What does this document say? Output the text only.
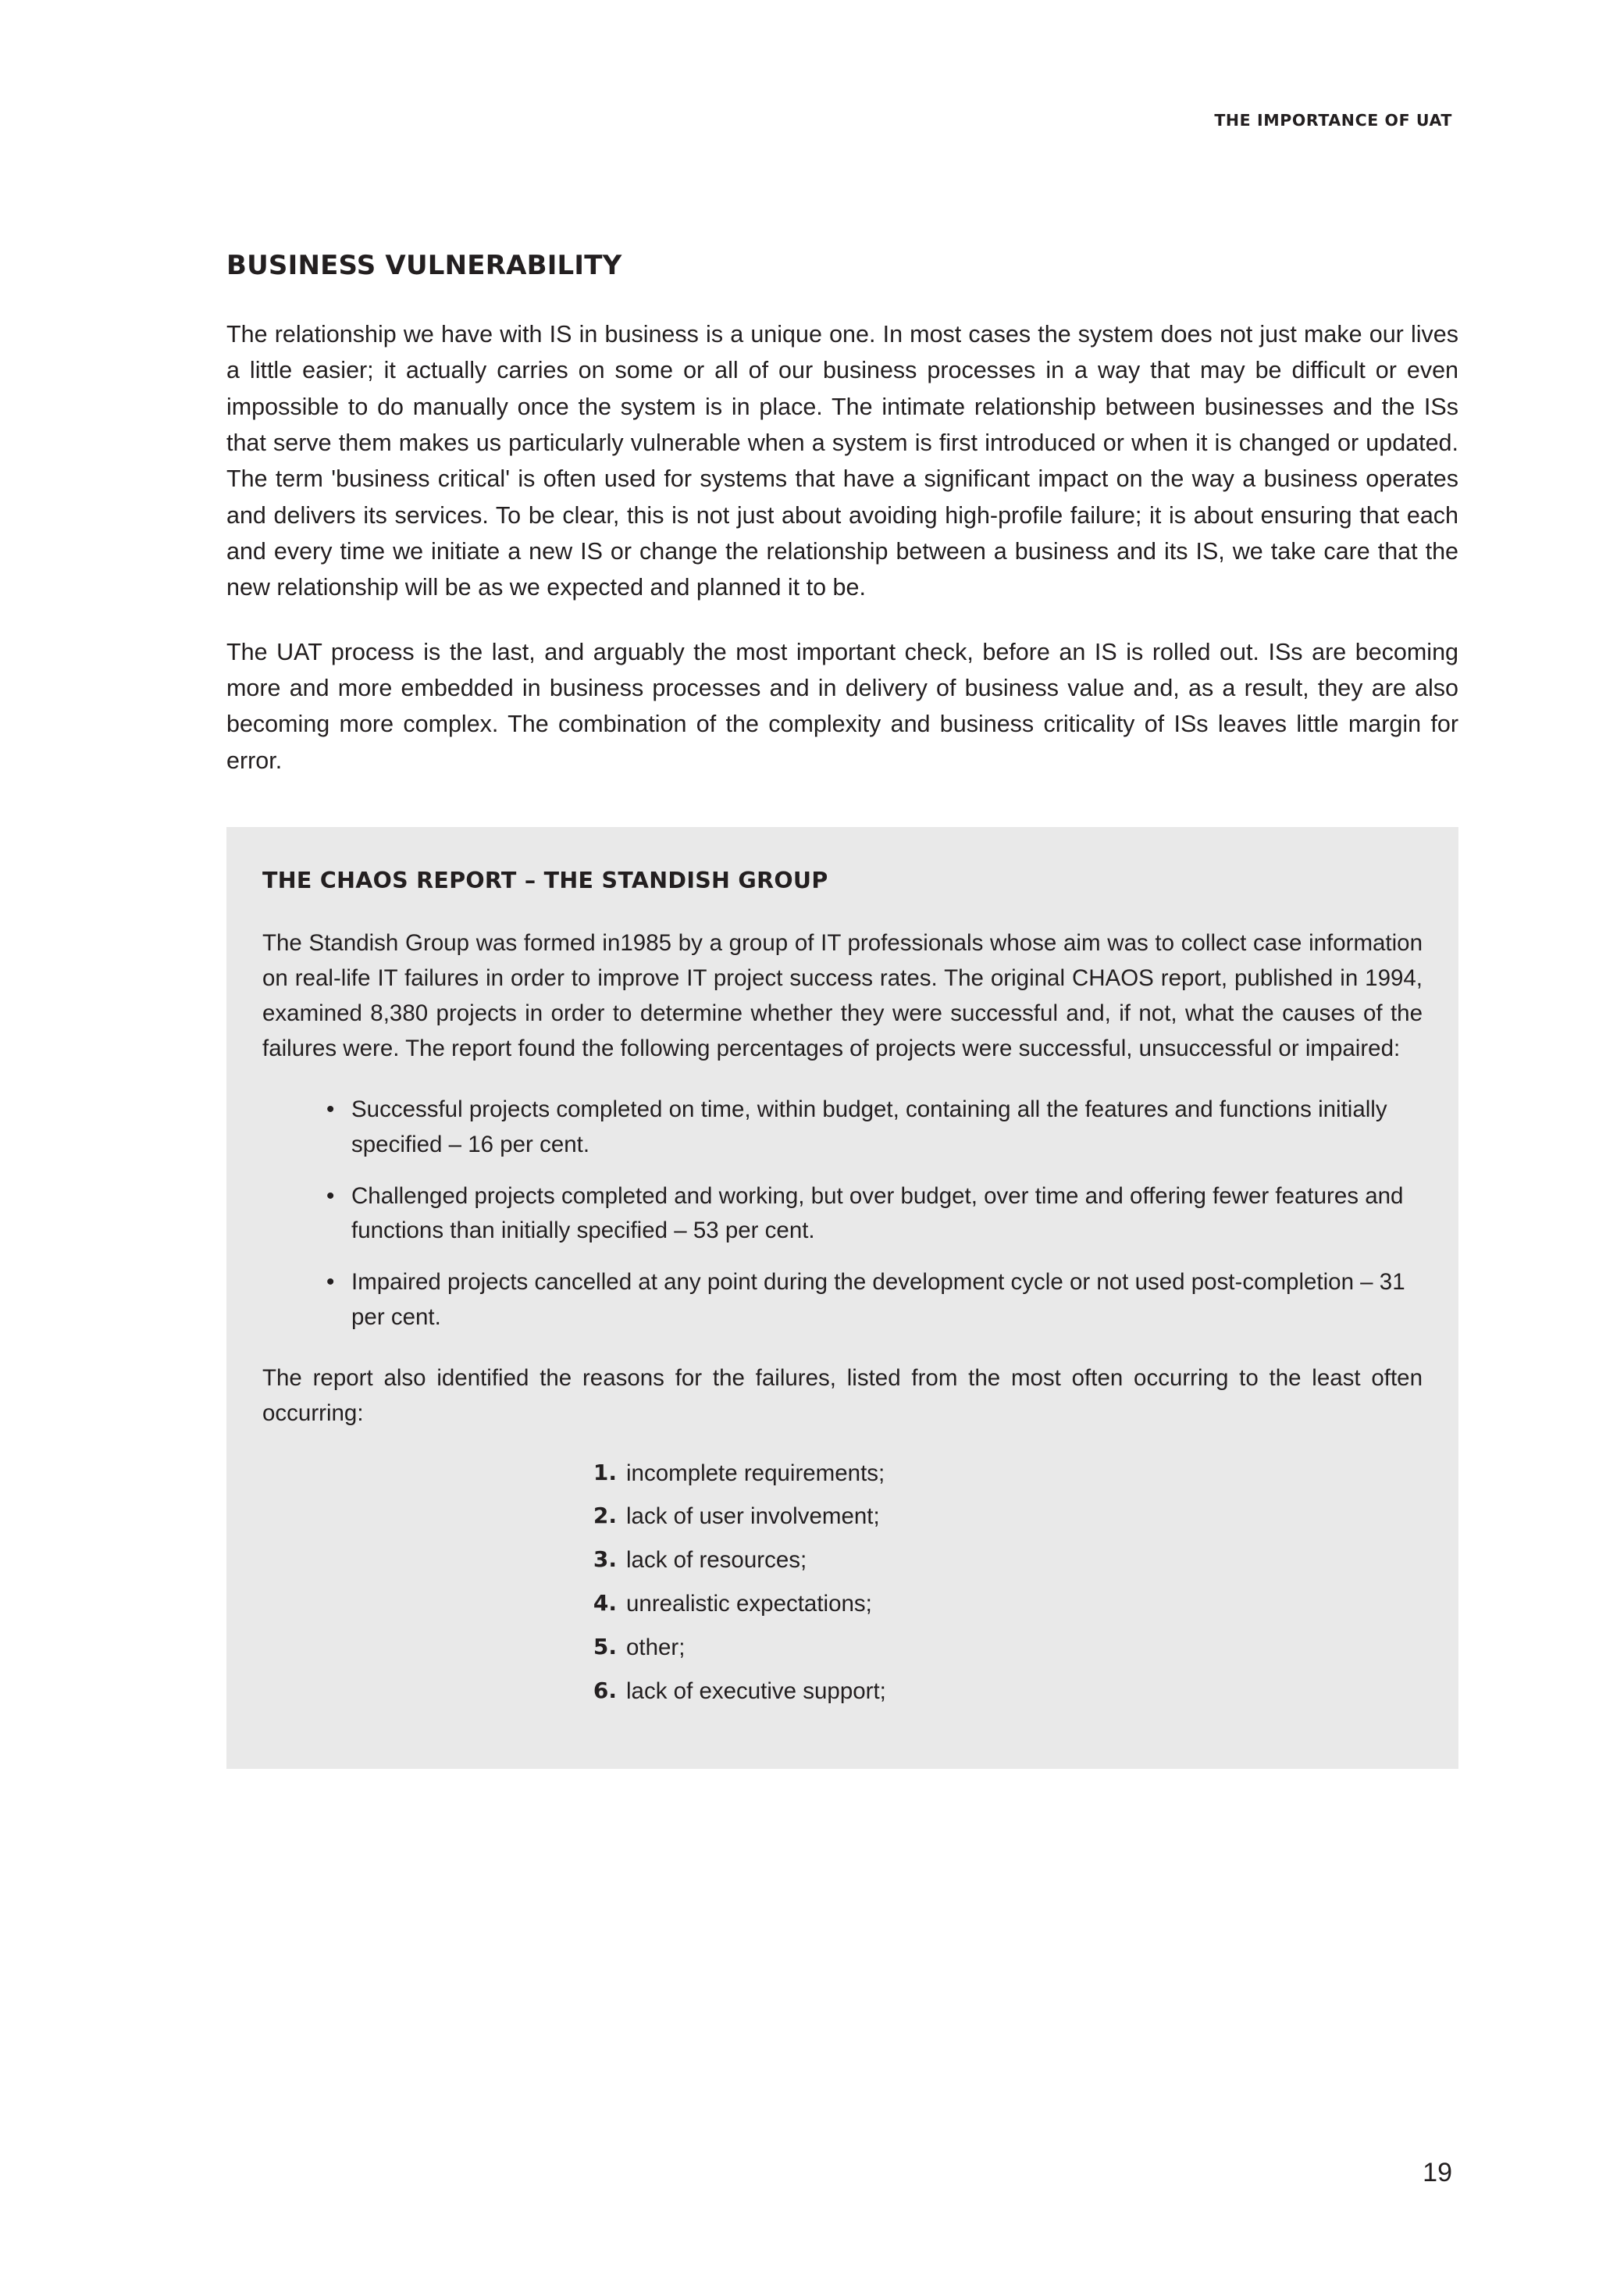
THE IMPORTANCE OF UAT
BUSINESS VULNERABILITY

The relationship we have with IS in business is a unique one. In most cases the system does not just make our lives a little easier; it actually carries on some or all of our business processes in a way that may be difficult or even impossible to do manually once the system is in place. The intimate relationship between businesses and the ISs that serve them makes us particularly vulnerable when a system is first introduced or when it is changed or updated. The term 'business critical' is often used for systems that have a significant impact on the way a business operates and delivers its services. To be clear, this is not just about avoiding high-profile failure; it is about ensuring that each and every time we initiate a new IS or change the relationship between a business and its IS, we take care that the new relationship will be as we expected and planned it to be.

The UAT process is the last, and arguably the most important check, before an IS is rolled out. ISs are becoming more and more embedded in business processes and in delivery of business value and, as a result, they are also becoming more complex. The combination of the complexity and business criticality of ISs leaves little margin for error.

THE CHAOS REPORT – THE STANDISH GROUP

The Standish Group was formed in1985 by a group of IT professionals whose aim was to collect case information on real-life IT failures in order to improve IT project success rates. The original CHAOS report, published in 1994, examined 8,380 projects in order to determine whether they were successful and, if not, what the causes of the failures were. The report found the following percentages of projects were successful, unsuccessful or impaired:

• Successful projects completed on time, within budget, containing all the features and functions initially specified – 16 per cent.
• Challenged projects completed and working, but over budget, over time and offering fewer features and functions than initially specified – 53 per cent.
• Impaired projects cancelled at any point during the development cycle or not used post-completion – 31 per cent.

The report also identified the reasons for the failures, listed from the most often occurring to the least often occurring:

incomplete requirements;
lack of user involvement;
lack of resources;
unrealistic expectations;
other;
lack of executive support;
19
